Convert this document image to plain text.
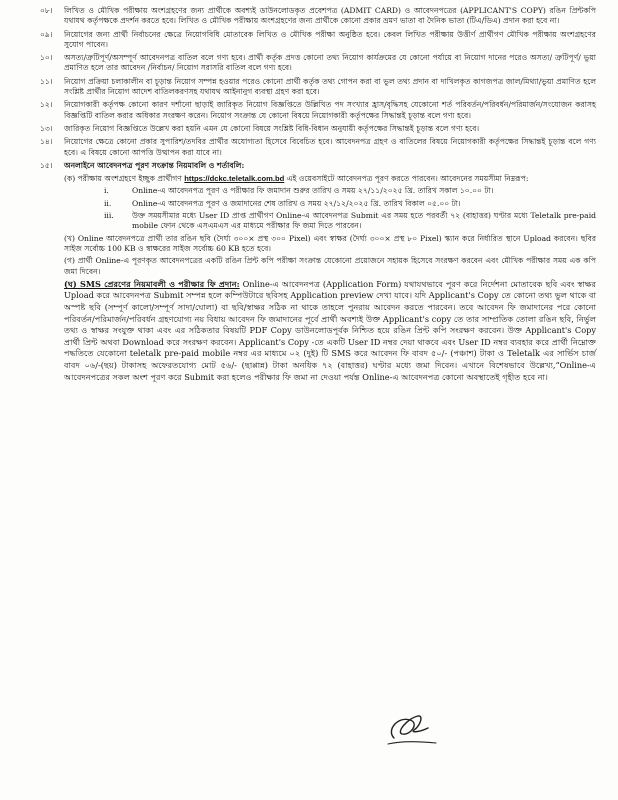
০৮।	লিখিত ও মৌখিক পরীক্ষায় অংশগ্রহণের জন্য প্রার্থীকে অবশ্যই ডাউনলোডকৃত প্রবেশপত্র (ADMIT CARD) ও আবেদনপত্রের (APPLICANT'S COPY) রঙিন প্রিন্টকপি যথাযথ কর্তৃপক্ষকে প্রদর্শন করতে হবে। লিখিত ও মৌখিক পরীক্ষায় অংশগ্রহণের জন্য প্রার্থীকে কোনো প্রকার ভ্রমণ ভাতা বা দৈনিক ভাতা (টিএ/ডিএ) প্রদান করা হবে না।
০৯।	নিয়োগের জন্য প্রার্থী নির্বাচনের ক্ষেত্রে নিয়োগবিধি মোতাবেক লিখিত ও মৌখিক পরীক্ষা অনুষ্ঠিত হবে। কেবল লিখিত পরীক্ষায় উত্তীর্ণ প্রার্থীগণ মৌখিক পরীক্ষায় অংশগ্রহণের সুযোগ পাবেন।
১০।	অসত্য/ত্রুটিপূর্ণ/অসম্পূর্ণ আবেদনপত্র বাতিল বলে গণ্য হবে। প্রার্থী কর্তৃক প্রদত্ত কোনো তথ্য নিয়োগ কার্যক্রমের যে কোনো পর্যায়ে বা নিয়োগ দানের পরেও অসত্য/ ত্রুটিপূর্ণ/ ভুয়া প্রমাণিত হলে তার আবেদন /নির্বাচন/ নিয়োগ সরাসরি বাতিল বলে গণ্য হবে।
১১।	নিয়োগ প্রক্রিয়া চলাকালীন বা চূড়ান্ত নিয়োগ সম্পন্ন হওয়ার পরেও কোনো প্রার্থী কর্তৃক তথ্য গোপন করা বা ভুল তথ্য প্রদান বা দাখিলকৃত কাগজপত্র জাল/মিথ্যা/ভুয়া প্রমাণিত হলে সংশ্লিষ্ট প্রার্থীর নিয়োগ আদেশ বাতিলকরণসহ যথাযথ আইনানুগ ব্যবস্থা গ্রহণ করা হবে।
১২।	নিয়োগকারী কর্তৃপক্ষ কোনো কারণ দর্শানো ছাড়াই জারিকৃত নিয়োগ বিজ্ঞপ্তিতে উল্লিখিত পদ সংখ্যার হ্রাস/বৃদ্ধিসহ যেকোনো শর্ত পরিবর্তন/পরিবর্ধন/পরিমার্জন/সংযোজন করাসহ বিজ্ঞপ্তিটি বাতিল করার অধিকার সংরক্ষণ করেন। নিয়োগ সংক্রান্ত যে কোনো বিষয়ে নিয়োগকারী কর্তৃপক্ষের সিদ্ধান্তই চূড়ান্ত বলে গণ্য হবে।
১৩।	জারিকৃত নিয়োগ বিজ্ঞপ্তিতে উল্লেখ করা হয়নি এমন যে কোনো বিষয়ে সংশ্লিষ্ট বিধি-বিধান অনুযায়ী কর্তৃপক্ষের সিদ্ধান্তই চূড়ান্ত বলে গণ্য হবে।
১৪।	নিয়োগের ক্ষেত্রে কোনো প্রকার সুপারিশ/তদবির প্রার্থীর অযোগ্যতা হিসেবে বিবেচিত হবে। আবেদনপত্র গ্রহণ ও বাতিলের বিষয়ে নিয়োগকারী কর্তৃপক্ষের সিদ্ধান্তই চূড়ান্ত বলে গণ্য হবে। এ বিষয়ে কোনো আপত্তি উত্থাপন করা যাবে না।
১৫।	অনলাইনে আবেদনপত্র পূরণ সংক্রান্ত নিয়মাবলি ও শর্তাবলি:
(ক) পরীক্ষায় অংশগ্রহণে ইচ্ছুক প্রার্থীগণ https://dckc.teletalk.com.bd এই ওয়েবসাইটে আবেদনপত্র পূরণ করতে পারবেন। আবেদনের সময়সীমা নিম্নরূপ:
i.	Online-এ আবেদনপত্র পূরণ ও পরীক্ষার ফি জমাদান শুরুর তারিখ ও সময় ২৭/১১/২০২৫ খ্রি. তারিখ সকাল ১০.০০ টা।
ii.	Online-এ আবেদনপত্র পূরণ ও জমাদানের শেষ তারিখ ও সময় ২৭/১২/২০২৫ খ্রি. তারিখ বিকাল ০৫.০০ টা।
iii.	উক্ত সময়সীমার মধ্যে User ID প্রাপ্ত প্রার্থীগণ Online-এ আবেদনপত্র Submit এর সময় হতে পরবর্তী ৭২ (বাহাত্তর) ঘণ্টার মধ্যে Teletalk pre-paid mobile ফোন থেকে এসএমএস এর মাধ্যমে পরীক্ষার ফি জমা দিতে পারবেন।
(খ) Online আবেদনপত্রে প্রার্থী তার রঙিন ছবি (দৈর্ঘ্য ৩০০× প্রস্থ ৩০০ Pixel) এবং স্বাক্ষর (দৈর্ঘ্য ৩০০× প্রস্থ ৮০ Pixel) স্ক্যান করে নির্ধারিত স্থানে Upload করবেন। ছবির সাইজ সর্বোচ্চ 100 KB ও স্বাক্ষরের সাইজ সর্বোচ্চ 60 KB হতে হবে।
(গ) প্রার্থী Online-এ পূরণকৃত আবেদনপত্রের একটি রঙিন প্রিন্ট কপি পরীক্ষা সংক্রান্ত যেকোনো প্রয়োজনে সহায়ক হিসেবে সংরক্ষণ করবেন এবং মৌখিক পরীক্ষার সময় এক কপি জমা দিবেন।
(ঘ) SMS প্রেরণের নিয়মাবলী ও পরীক্ষার ফি প্রদান: Online-এ আবেদনপত্র (Application Form) যথাযথভাবে পূরণ করে নির্দেশনা মোতাবেক ছবি এবং স্বাক্ষর Upload করে আবেদনপত্র Submit সম্পন্ন হলে কম্পিউটারে ছবিসহ Application preview দেখা যাবে। যদি Applicant's Copy তে কোনো তথ্য ভুল থাকে বা অস্পষ্ট ছবি (সম্পূর্ণ কালো/সম্পূর্ণ সাদা/ঘোলা) বা ছবি/স্বাক্ষর সঠিক না থাকে তাহলে পুনরায় আবেদন করতে পারবেন। তবে আবেদন ফি জমাদানের পরে কোনো পরিবর্তন/পরিমার্জন/পরিবর্ধন গ্রহণযোগ্য নয় বিধায় আবেদন ফি জমাদানের পূর্বে প্রার্থী অবশ্যই উক্ত Applicant's copy তে তার সাম্প্রতিক তোলা রঙিন ছবি, নির্ভুল তথ্য ও স্বাক্ষর সংযুক্ত থাকা এবং এর সঠিকতার বিষয়টি PDF Copy ডাউনলোডপূর্বক নিশ্চিত হয়ে রঙিন প্রিন্ট কপি সংরক্ষণ করবেন। উক্ত Applicant's Copy প্রার্থী প্রিন্ট অথবা Download করে সংরক্ষণ করবেন। Applicant's Copy -তে একটি User ID নম্বর দেয়া থাকবে এবং User ID নম্বর ব্যবহার করে প্রার্থী নিম্নোক্ত পদ্ধতিতে যেকোনো teletalk pre-paid mobile নম্বর এর মাধ্যমে ০২ (দুই) টি SMS করে আবেদন ফি বাবদ ৫০/- (পঞ্চাশ) টাকা ও Teletalk এর সার্ভিস চার্জ বাবদ ০৬/-(ছয়) টাকাসহ অফেরতযোগ্য মোট ৫৬/- (ছাপ্পান্ন) টাকা অনধিক ৭২ (বাহাত্তর) ঘণ্টার মধ্যে জমা দিবেন। এখানে বিশেষভাবে উল্লেখ্য,“Online-এ আবেদনপত্রের সকল অংশ পূরণ করে Submit করা হলেও পরীক্ষার ফি জমা না দেওয়া পর্যন্ত Online-এ আবেদনপত্র কোনো অবস্থাতেই গৃহীত হবে না।
